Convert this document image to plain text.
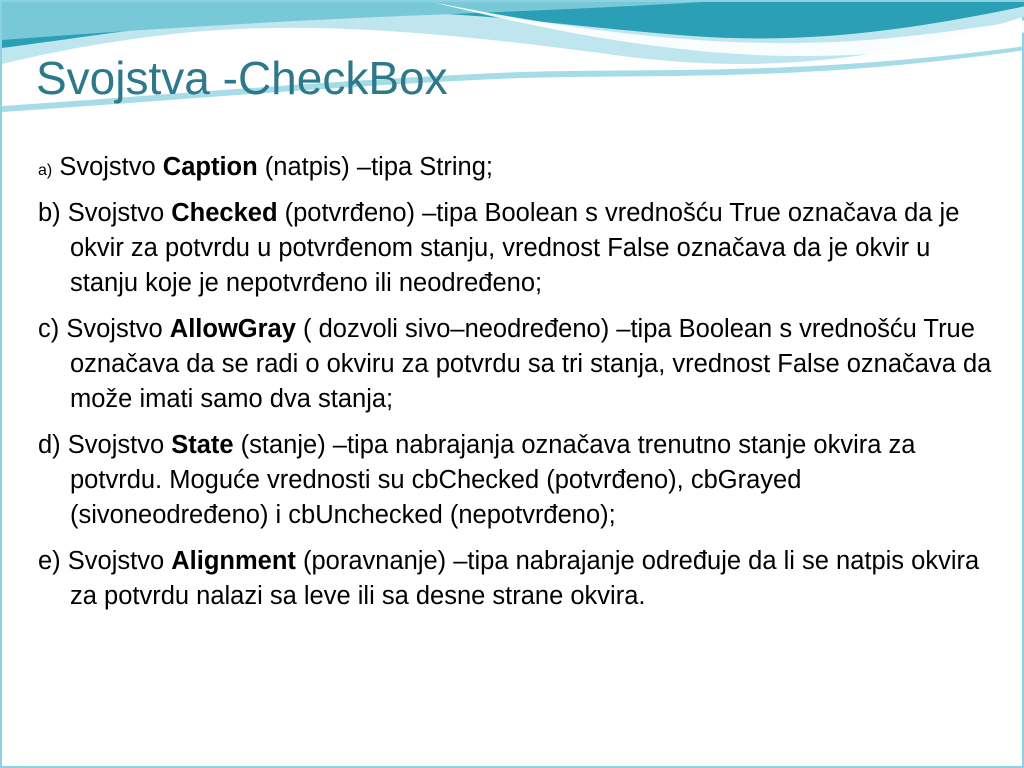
Svojstva -CheckBox

a) Svojstvo Caption (natpis) –tipa String;

b) Svojstvo Checked (potvrđeno) –tipa Boolean s vrednošću True označava da je okvir za potvrdu u potvrđenom stanju, vrednost False označava da je okvir u stanju koje je nepotvrđeno ili neodređeno;

c) Svojstvo AllowGray ( dozvoli sivo–neodređeno) –tipa Boolean s vrednošću True označava da se radi o okviru za potvrdu sa tri stanja, vrednost False označava da može imati samo dva stanja;

d) Svojstvo State (stanje) –tipa nabrajanja označava trenutno stanje okvira za potvrdu. Moguće vrednosti su cbChecked (potvrđeno), cbGrayed (sivoneodređeno) i cbUnchecked (nepotvrđeno);

e) Svojstvo Alignment (poravnanje) –tipa nabrajanje određuje da li se natpis okvira za potvrdu nalazi sa leve ili sa desne strane okvira.
